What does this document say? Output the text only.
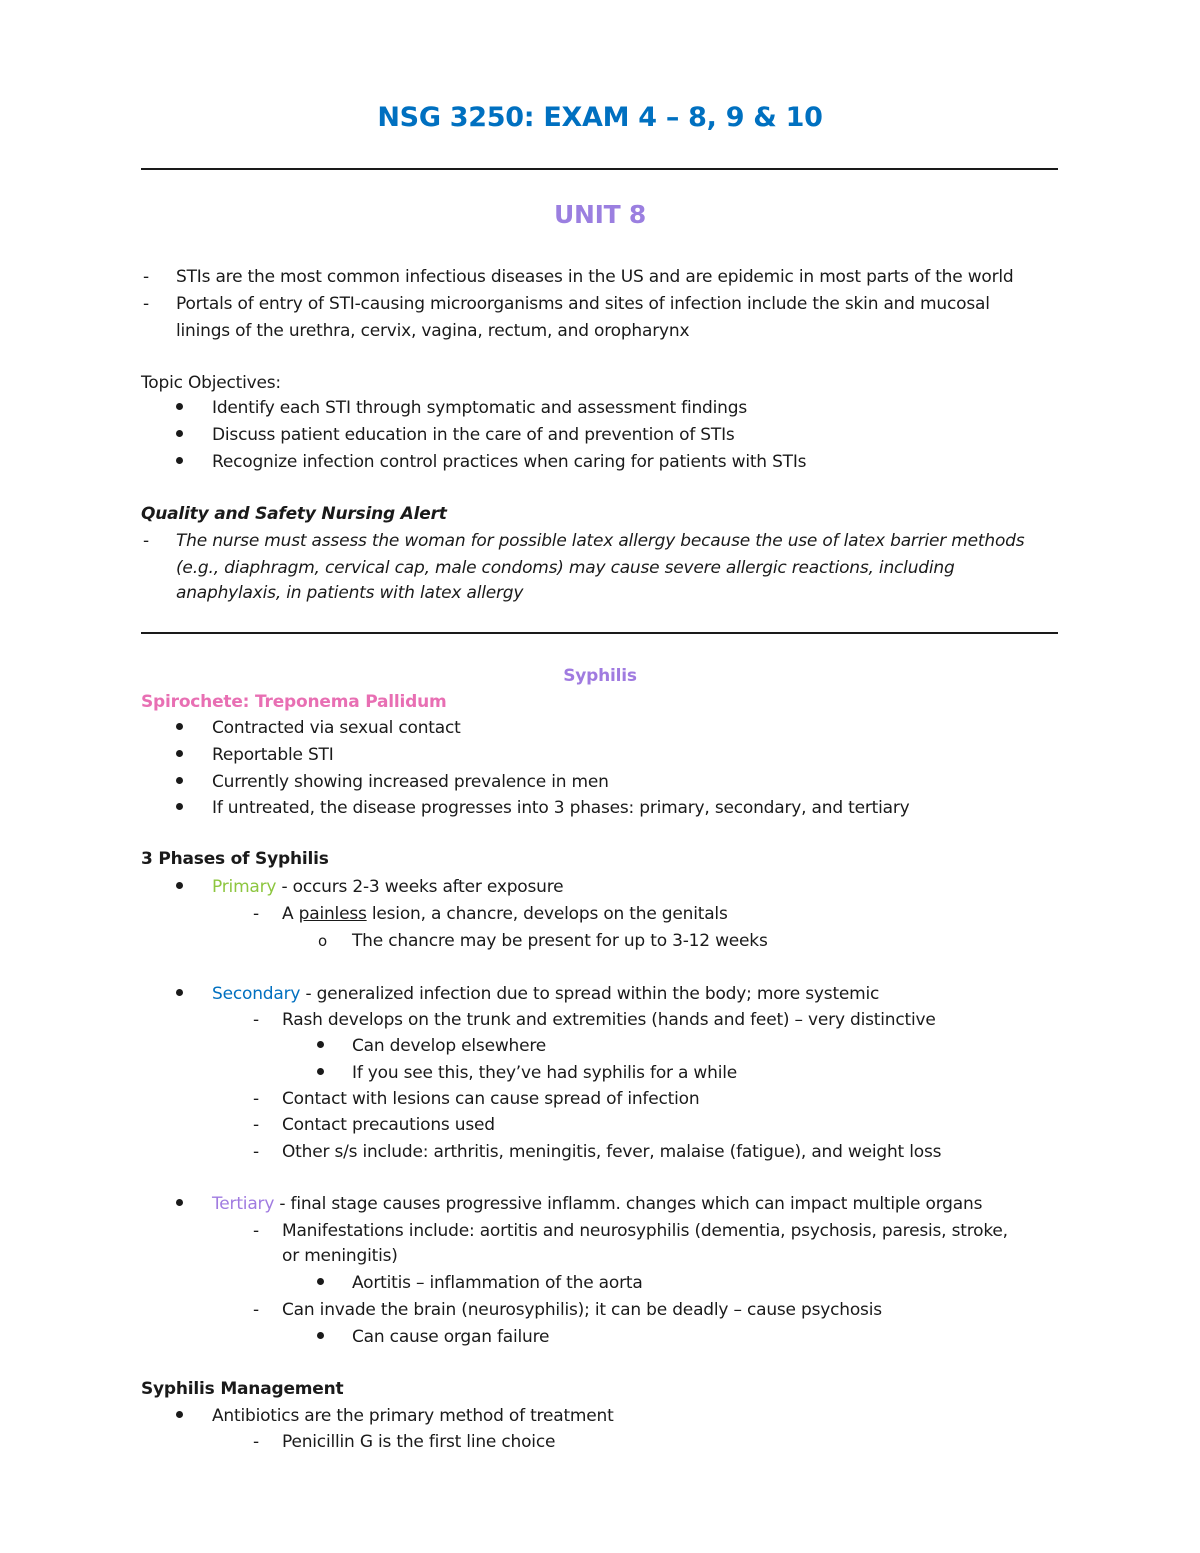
NSG 3250: EXAM 4 – 8, 9 & 10
UNIT 8
- STIs are the most common infectious diseases in the US and are epidemic in most parts of the world
- Portals of entry of STI-causing microorganisms and sites of infection include the skin and mucosal
linings of the urethra, cervix, vagina, rectum, and oropharynx
Topic Objectives:
Identify each STI through symptomatic and assessment findings
Discuss patient education in the care of and prevention of STIs
Recognize infection control practices when caring for patients with STIs
Quality and Safety Nursing Alert
- The nurse must assess the woman for possible latex allergy because the use of latex barrier methods
(e.g., diaphragm, cervical cap, male condoms) may cause severe allergic reactions, including
anaphylaxis, in patients with latex allergy
Syphilis
Spirochete: Treponema Pallidum
Contracted via sexual contact
Reportable STI
Currently showing increased prevalence in men
If untreated, the disease progresses into 3 phases: primary, secondary, and tertiary
3 Phases of Syphilis
Primary - occurs 2-3 weeks after exposure
- A painless lesion, a chancre, develops on the genitals
o The chancre may be present for up to 3-12 weeks
Secondary - generalized infection due to spread within the body; more systemic
- Rash develops on the trunk and extremities (hands and feet) – very distinctive
Can develop elsewhere
If you see this, they’ve had syphilis for a while
- Contact with lesions can cause spread of infection
- Contact precautions used
- Other s/s include: arthritis, meningitis, fever, malaise (fatigue), and weight loss
Tertiary - final stage causes progressive inflamm. changes which can impact multiple organs
- Manifestations include: aortitis and neurosyphilis (dementia, psychosis, paresis, stroke,
or meningitis)
Aortitis – inflammation of the aorta
- Can invade the brain (neurosyphilis); it can be deadly – cause psychosis
Can cause organ failure
Syphilis Management
Antibiotics are the primary method of treatment
- Penicillin G is the first line choice
